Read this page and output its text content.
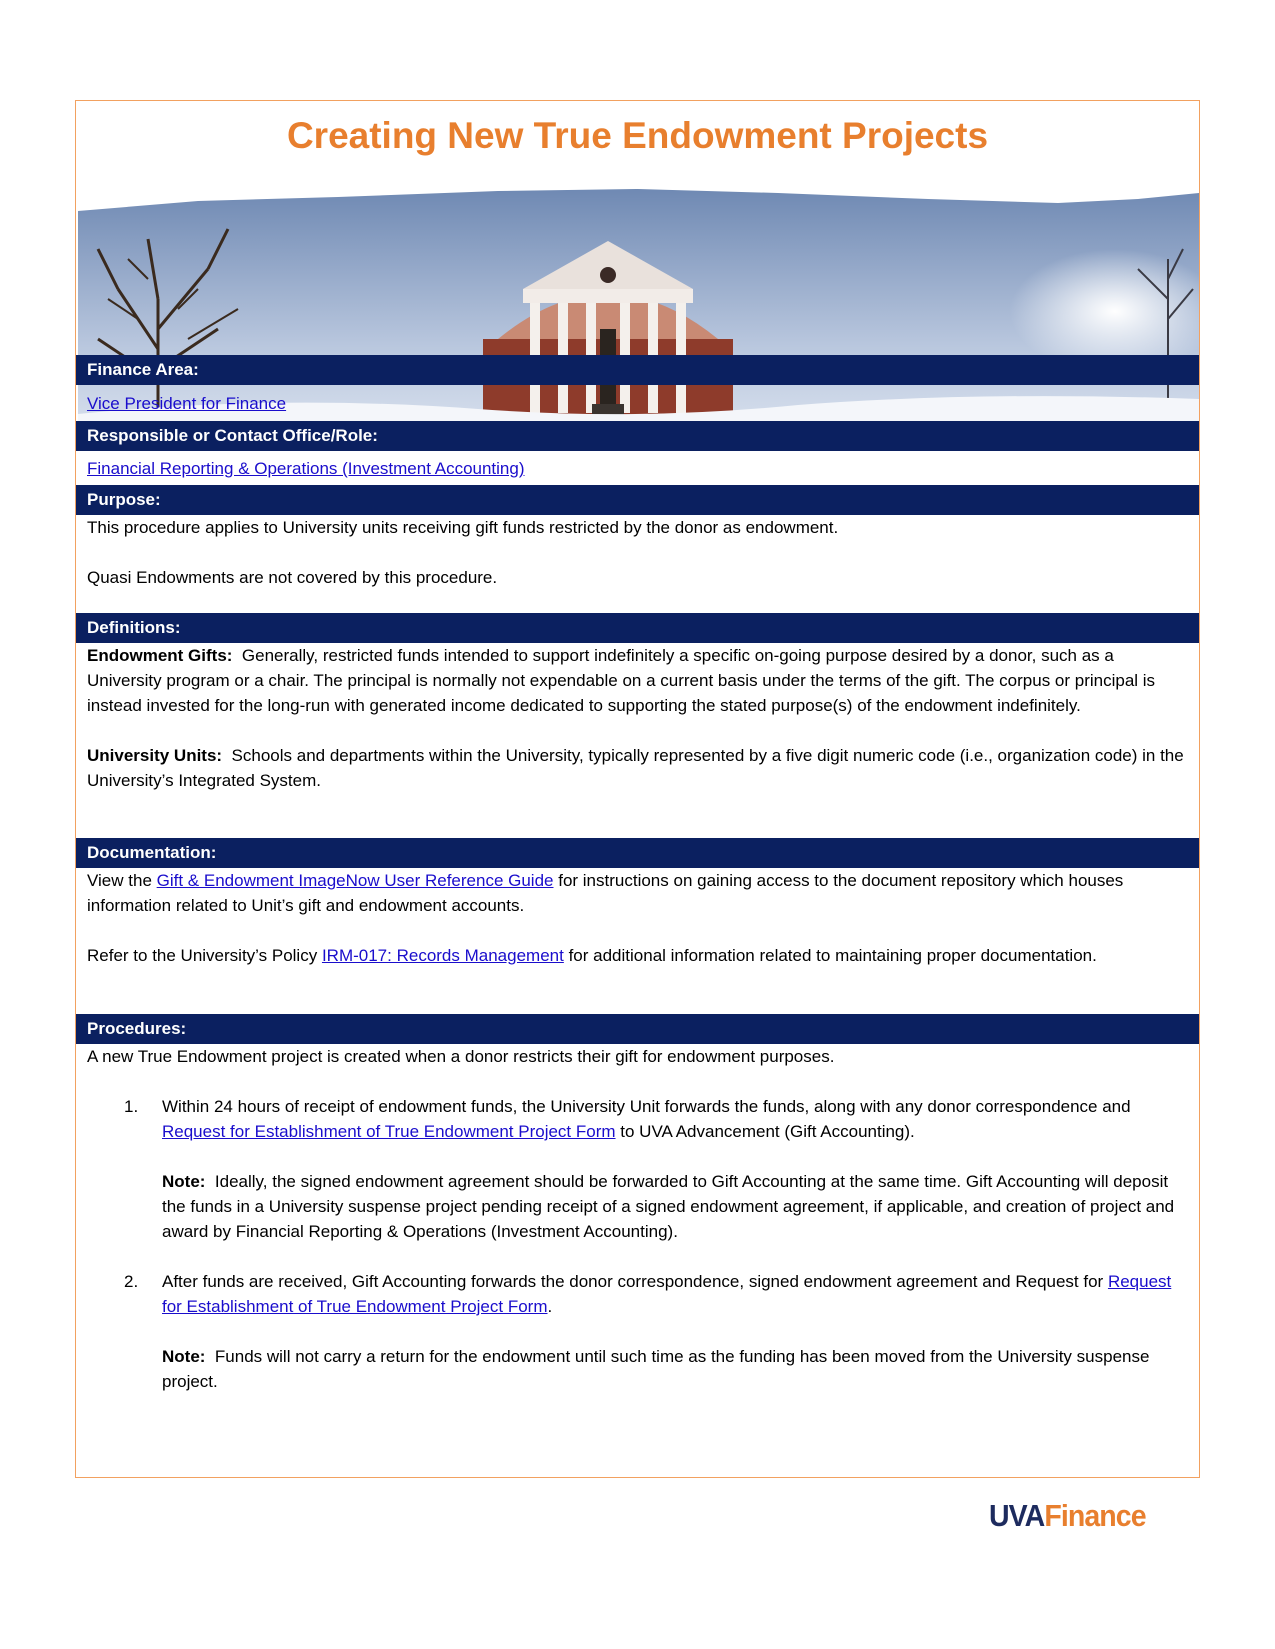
Creating New True Endowment Projects
Finance Area:

Vice President for Finance

Responsible or Contact Office/Role:

Financial Reporting & Operations (Investment Accounting)

Purpose:

This procedure applies to University units receiving gift funds restricted by the donor as endowment.

Quasi Endowments are not covered by this procedure.

Definitions:

Endowment Gifts: Generally, restricted funds intended to support indefinitely a specific on-going purpose desired by a donor, such as a University program or a chair. The principal is normally not expendable on a current basis under the terms of the gift. The corpus or principal is instead invested for the long-run with generated income dedicated to supporting the stated purpose(s) of the endowment indefinitely.

University Units: Schools and departments within the University, typically represented by a five digit numeric code (i.e., organization code) in the University’s Integrated System.

Documentation:

View the Gift & Endowment ImageNow User Reference Guide for instructions on gaining access to the document repository which houses information related to Unit’s gift and endowment accounts.

Refer to the University’s Policy IRM-017: Records Management for additional information related to maintaining proper documentation.

Procedures:

A new True Endowment project is created when a donor restricts their gift for endowment purposes.

1. Within 24 hours of receipt of endowment funds, the University Unit forwards the funds, along with any donor correspondence and Request for Establishment of True Endowment Project Form to UVA Advancement (Gift Accounting).

Note: Ideally, the signed endowment agreement should be forwarded to Gift Accounting at the same time. Gift Accounting will deposit the funds in a University suspense project pending receipt of a signed endowment agreement, if applicable, and creation of project and award by Financial Reporting & Operations (Investment Accounting).

2. After funds are received, Gift Accounting forwards the donor correspondence, signed endowment agreement and Request for Request for Establishment of True Endowment Project Form.

Note: Funds will not carry a return for the endowment until such time as the funding has been moved from the University suspense project.

UVAFinance
